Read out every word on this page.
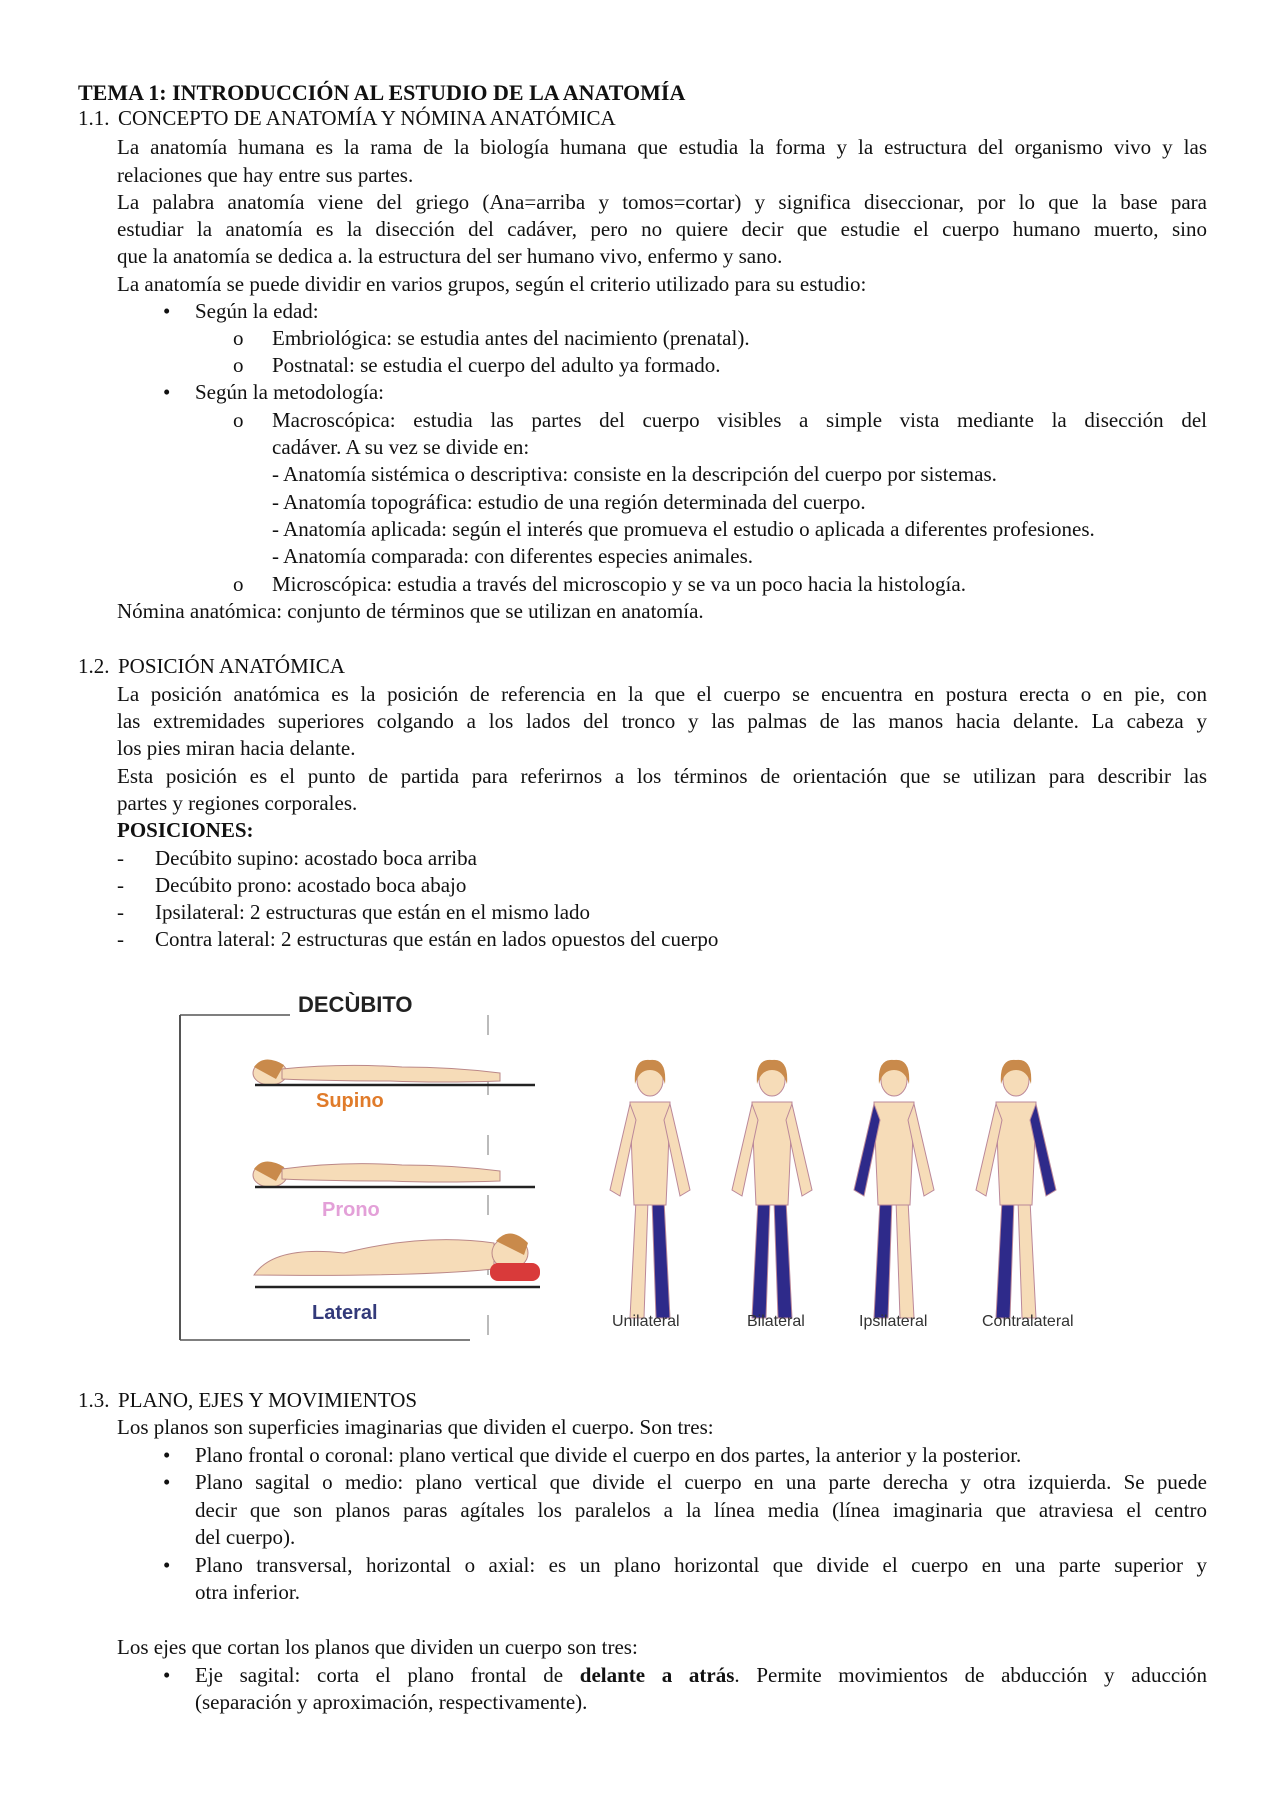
TEMA 1: INTRODUCCIÓN AL ESTUDIO DE LA ANATOMÍA
1.1. CONCEPTO DE ANATOMÍA Y NÓMINA ANATÓMICA
La anatomía humana es la rama de la biología humana que estudia la forma y la estructura del organismo vivo y las
relaciones que hay entre sus partes.
La palabra anatomía viene del griego (Ana=arriba y tomos=cortar) y significa diseccionar, por lo que la base para
estudiar la anatomía es la disección del cadáver, pero no quiere decir que estudie el cuerpo humano muerto, sino
que la anatomía se dedica a. la estructura del ser humano vivo, enfermo y sano.
La anatomía se puede dividir en varios grupos, según el criterio utilizado para su estudio:
• Según la edad:
o Embriológica: se estudia antes del nacimiento (prenatal).
o Postnatal: se estudia el cuerpo del adulto ya formado.
• Según la metodología:
o Macroscópica: estudia las partes del cuerpo visibles a simple vista mediante la disección del
cadáver. A su vez se divide en:
- Anatomía sistémica o descriptiva: consiste en la descripción del cuerpo por sistemas.
- Anatomía topográfica: estudio de una región determinada del cuerpo.
- Anatomía aplicada: según el interés que promueva el estudio o aplicada a diferentes profesiones.
- Anatomía comparada: con diferentes especies animales.
o Microscópica: estudia a través del microscopio y se va un poco hacia la histología.
Nómina anatómica: conjunto de términos que se utilizan en anatomía.
1.2. POSICIÓN ANATÓMICA
La posición anatómica es la posición de referencia en la que el cuerpo se encuentra en postura erecta o en pie, con
las extremidades superiores colgando a los lados del tronco y las palmas de las manos hacia delante. La cabeza y
los pies miran hacia delante.
Esta posición es el punto de partida para referirnos a los términos de orientación que se utilizan para describir las
partes y regiones corporales.
POSICIONES:
- Decúbito supino: acostado boca arriba
- Decúbito prono: acostado boca abajo
- Ipsilateral: 2 estructuras que están en el mismo lado
- Contra lateral: 2 estructuras que están en lados opuestos del cuerpo
DECÙBITO
Supino
Prono
Lateral	Unilateral	Bilateral	Ipsilateral	Contralateral
1.3. PLANO, EJES Y MOVIMIENTOS
Los planos son superficies imaginarias que dividen el cuerpo. Son tres:
• Plano frontal o coronal: plano vertical que divide el cuerpo en dos partes, la anterior y la posterior.
• Plano sagital o medio: plano vertical que divide el cuerpo en una parte derecha y otra izquierda. Se puede
decir que son planos paras agítales los paralelos a la línea media (línea imaginaria que atraviesa el centro
del cuerpo).
• Plano transversal, horizontal o axial: es un plano horizontal que divide el cuerpo en una parte superior y
otra inferior.
Los ejes que cortan los planos que dividen un cuerpo son tres:
• Eje sagital: corta el plano frontal de delante a atrás. Permite movimientos de abducción y aducción
(separación y aproximación, respectivamente).
